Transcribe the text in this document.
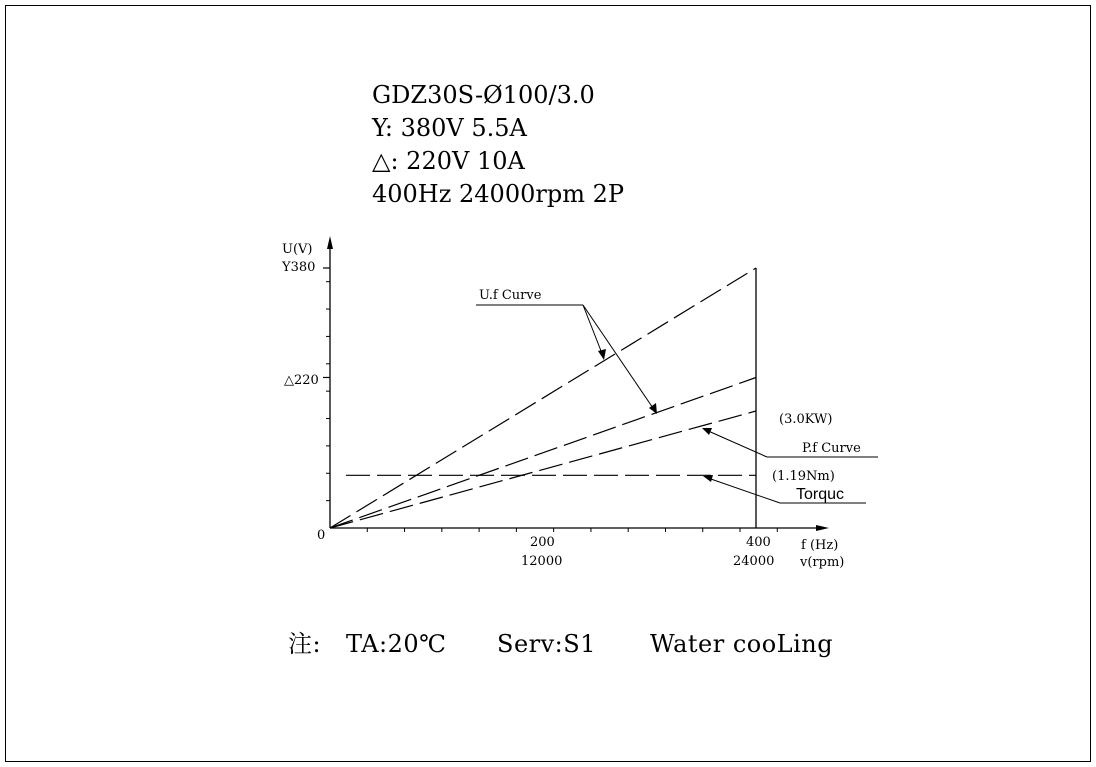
GDZ30S-Ø100/3.0
Y: 380V 5.5A
△: 220V 10A
400Hz 24000rpm 2P
U(V)
Y380
△220
0	200
12000
400
24000
f (Hz)
v(rpm)
U.f Curve
(3.0KW)
P.f Curve
(1.19Nm)
Torquc
注: TA:20℃ Serv:S1 Water cooLing
